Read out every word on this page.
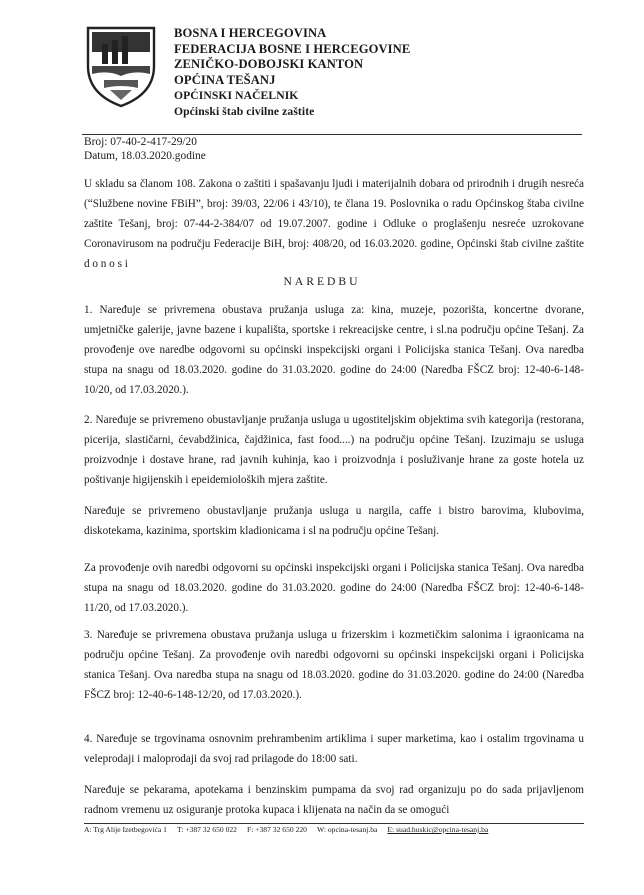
BOSNA I HERCEGOVINA
FEDERACIJA BOSNE I HERCEGOVINE
ZENIČKO-DOBOJSKI KANTON
OPĆINA TEŠANJ
OPĆINSKI NAČELNIK
Općinski štab civilne zaštite
Broj: 07-40-2-417-29/20
Datum, 18.03.2020.godine
U skladu sa članom 108. Zakona o zaštiti i spašavanju ljudi i materijalnih dobara od prirodnih i drugih nesreća (“Službene novine FBiH”, broj: 39/03, 22/06 i 43/10), te člana 19. Poslovnika o radu Općinskog štaba civilne zaštite Tešanj, broj: 07-44-2-384/07 od 19.07.2007. godine i Odluke o proglašenju nesreće uzrokovane Coronavirusom na području Federacije BiH, broj: 408/20, od 16.03.2020. godine, Općinski štab civilne zaštite d o n o s i
NAREDBU
1. Naređuje se privremena obustava pružanja usluga za: kina, muzeje, pozorišta, koncertne dvorane, umjetničke galerije, javne bazene i kupališta, sportske i rekreacijske centre, i sl.na području općine Tešanj. Za provođenje ove naredbe odgovorni su općinski inspekcijski organi i Policijska stanica Tešanj. Ova naredba stupa na snagu od 18.03.2020. godine do 31.03.2020. godine do 24:00 (Naredba FŠCZ broj: 12-40-6-148-10/20, od 17.03.2020.).
2. Naređuje se privremeno obustavljanje pružanja usluga u ugostiteljskim objektima svih kategorija (restorana, picerija, slastičarni, ćevabdžinica, čajdžinica, fast food....) na području općine Tešanj. Izuzimaju se usluga proizvodnje i dostave hrane, rad javnih kuhinja, kao i proizvodnja i posluživanje hrane za goste hotela uz poštivanje higijenskih i epeidemioloških mjera zaštite.
Naređuje se privremeno obustavljanje pružanja usluga u nargila, caffe i bistro barovima, klubovima, diskotekama, kazinima, sportskim kladionicama i sl na području općine Tešanj.
Za provođenje ovih naredbi odgovorni su općinski inspekcijski organi i Policijska stanica Tešanj. Ova naredba stupa na snagu od 18.03.2020. godine do 31.03.2020. godine do 24:00 (Naredba FŠCZ broj: 12-40-6-148-11/20, od 17.03.2020.).
3. Naređuje se privremena obustava pružanja usluga u frizerskim i kozmetičkim salonima i igraonicama na području općine Tešanj. Za provođenje ovih naredbi odgovorni su općinski inspekcijski organi i Policijska stanica Tešanj. Ova naredba stupa na snagu od 18.03.2020. godine do 31.03.2020. godine do 24:00 (Naredba FŠCZ broj: 12-40-6-148-12/20, od 17.03.2020.).
4. Naređuje se trgovinama osnovnim prehrambenim artiklima i super marketima, kao i ostalim trgovinama u veleprodaji i maloprodaji da svoj rad prilagode do 18:00 sati.
Naređuje se pekarama, apotekama i benzinskim pumpama da svoj rad organizuju po do sada prijavljenom radnom vremenu uz osiguranje protoka kupaca i klijenata na način da se omogući
A: Trg Alije Izetbegovića 1 T: +387 32 650 022 F: +387 32 650 220 W: opcina-tesanj.ba E: suad.huskic@opcina-tesanj.ba
